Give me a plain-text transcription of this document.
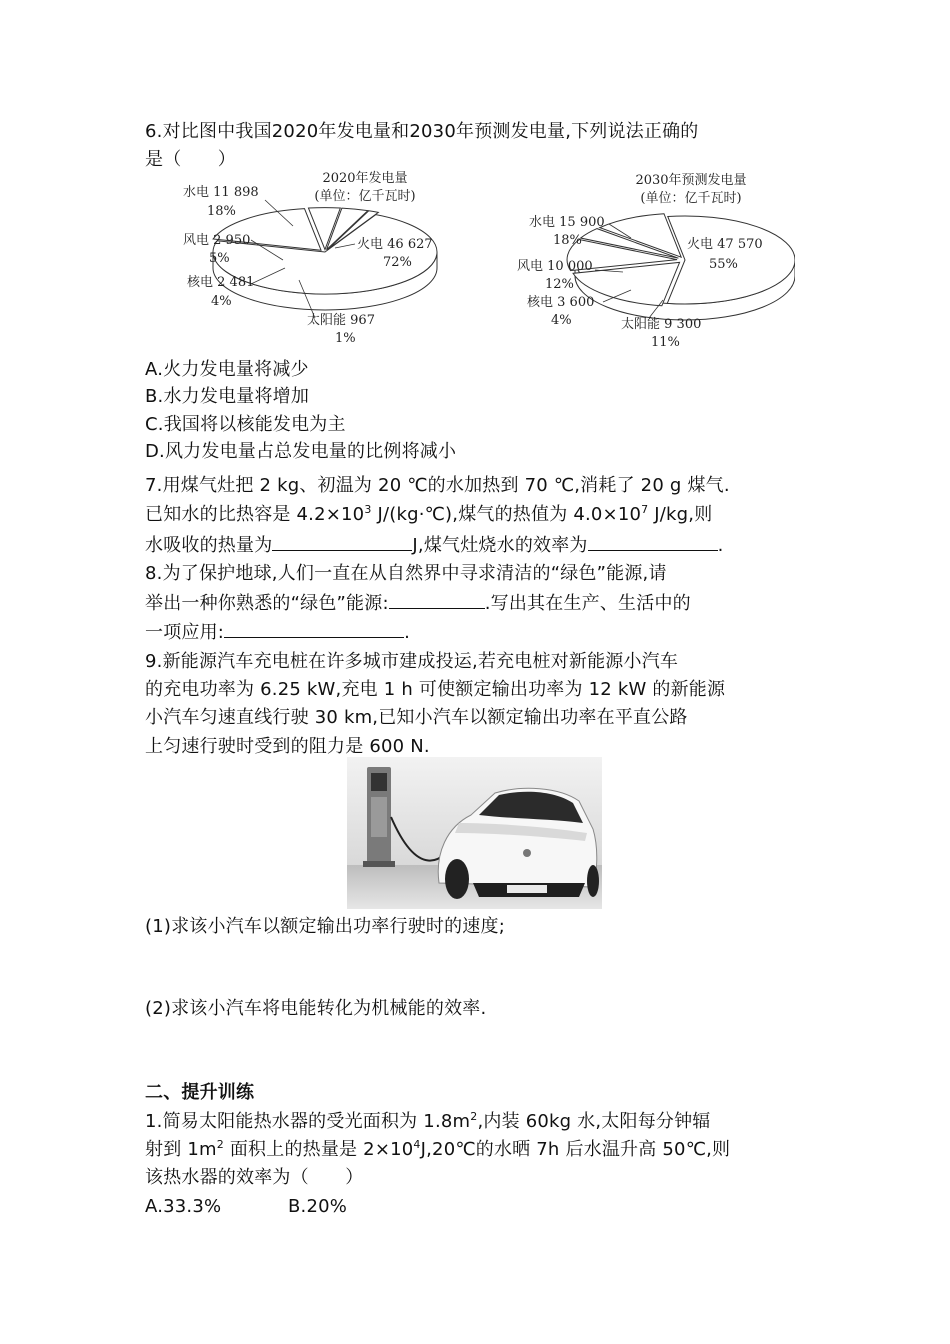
6.对比图中我国2020年发电量和2030年预测发电量,下列说法正确的
是（　　）
2020年发电量
(单位：亿千瓦时)
水电 11 898
18%
风电 2 950
5%
核电 2 481
4%
太阳能 967
1%
火电 46 627
72%
2030年预测发电量
(单位：亿千瓦时)
水电 15 900
18%
风电 10 000
12%
核电 3 600
4%	太阳能 9 300
11%
火电 47 570
55%
A.火力发电量将减少
B.水力发电量将增加
C.我国将以核能发电为主
D.风力发电量占总发电量的比例将减小
7.用煤气灶把 2 kg、初温为 20 ℃的水加热到 70 ℃,消耗了 20 g 煤气.
已知水的比热容是 $4.2\times 10^3$ J/(kg·℃),煤气的热值为 $4.0\times 10^7$ J/kg,则
水吸收的热量为	J,煤气灶烧水的效率为	.
8.为了保护地球,人们一直在从自然界中寻求清洁的“绿色”能源,请
举出一种你熟悉的“绿色”能源:	.写出其在生产、生活中的
一项应用:	.
9.新能源汽车充电桩在许多城市建成投运,若充电桩对新能源小汽车
的充电功率为 6.25 kW,充电 1 h 可使额定输出功率为 12 kW 的新能源
小汽车匀速直线行驶 30 km,已知小汽车以额定输出功率在平直公路
上匀速行驶时受到的阻力是 600 N.
(1)求该小汽车以额定输出功率行驶时的速度;
(2)求该小汽车将电能转化为机械能的效率.
二、提升训练
1.简易太阳能热水器的受光面积为 $1.8m^2$,内装 60kg 水,太阳每分钟辐
射到 $1m^2$ 面积上的热量是 $2\times 10^4J,20℃$的水晒 7h 后水温升高 50℃,则
该热水器的效率为（　　）
A.33.3%	B.20%
